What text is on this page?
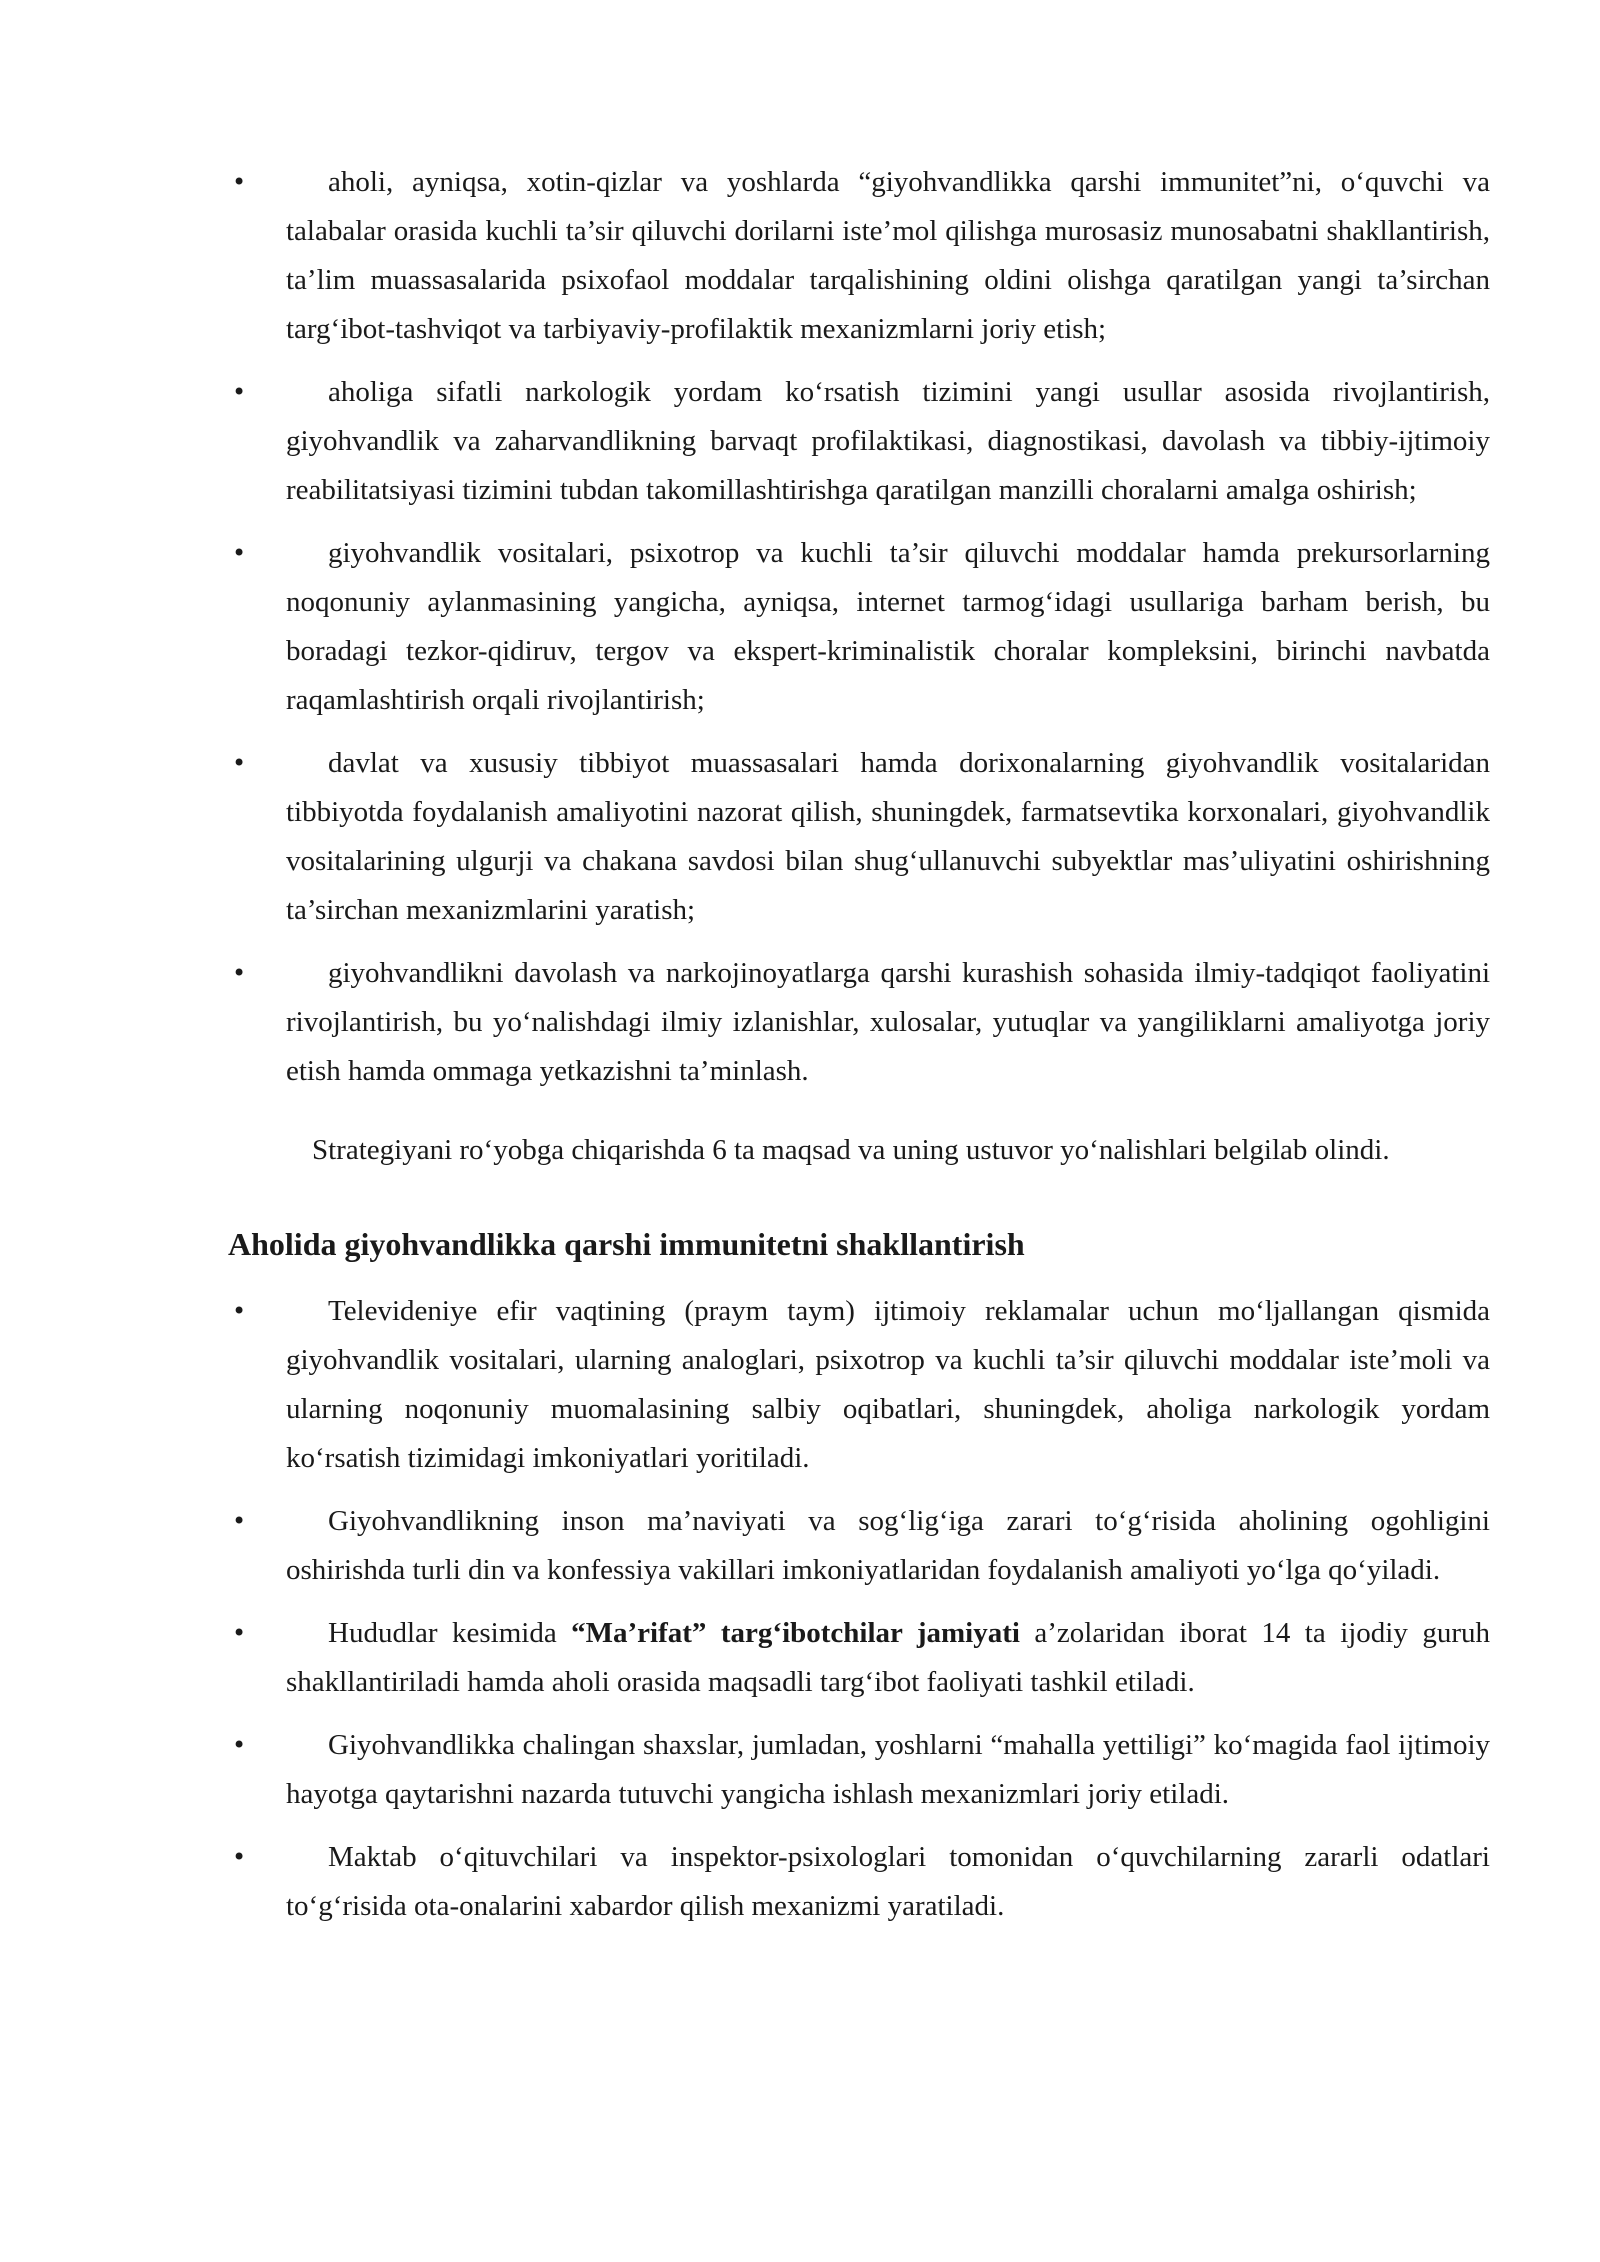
• aholi, ayniqsa, xotin-qizlar va yoshlarda “giyohvandlikka qarshi immunitet”ni, o‘quvchi va talabalar orasida kuchli ta’sir qiluvchi dorilarni iste’mol qilishga murosasiz munosabatni shakllantirish, ta’lim muassasalarida psixofaol moddalar tarqalishining oldini olishga qaratilgan yangi ta’sirchan targ‘ibot-tashviqot va tarbiyaviy-profilaktik mexanizmlarni joriy etish;
• aholiga sifatli narkologik yordam ko‘rsatish tizimini yangi usullar asosida rivojlantirish, giyohvandlik va zaharvandlikning barvaqt profilaktikasi, diagnostikasi, davolash va tibbiy-ijtimoiy reabilitatsiyasi tizimini tubdan takomillashtirishga qaratilgan manzilli choralarni amalga oshirish;
• giyohvandlik vositalari, psixotrop va kuchli ta’sir qiluvchi moddalar hamda prekursorlarning noqonuniy aylanmasining yangicha, ayniqsa, internet tarmog‘idagi usullariga barham berish, bu boradagi tezkor-qidiruv, tergov va ekspert-kriminalistik choralar kompleksini, birinchi navbatda raqamlashtirish orqali rivojlantirish;
• davlat va xususiy tibbiyot muassasalari hamda dorixonalarning giyohvandlik vositalaridan tibbiyotda foydalanish amaliyotini nazorat qilish, shuningdek, farmatsevtika korxonalari, giyohvandlik vositalarining ulgurji va chakana savdosi bilan shug‘ullanuvchi subyektlar mas’uliyatini oshirishning ta’sirchan mexanizmlarini yaratish;
• giyohvandlikni davolash va narkojinoyatlarga qarshi kurashish sohasida ilmiy-tadqiqot faoliyatini rivojlantirish, bu yo‘nalishdagi ilmiy izlanishlar, xulosalar, yutuqlar va yangiliklarni amaliyotga joriy etish hamda ommaga yetkazishni ta’minlash.

Strategiyani ro‘yobga chiqarishda 6 ta maqsad va uning ustuvor yo‘nalishlari belgilab olindi.

Aholida giyohvandlikka qarshi immunitetni shakllantirish
• Televideniye efir vaqtining (praym taym) ijtimoiy reklamalar uchun mo‘ljallangan qismida giyohvandlik vositalari, ularning analoglari, psixotrop va kuchli ta’sir qiluvchi moddalar iste’moli va ularning noqonuniy muomalasining salbiy oqibatlari, shuningdek, aholiga narkologik yordam ko‘rsatish tizimidagi imkoniyatlari yoritiladi.
• Giyohvandlikning inson ma’naviyati va sog‘lig‘iga zarari to‘g‘risida aholining ogohligini oshirishda turli din va konfessiya vakillari imkoniyatlaridan foydalanish amaliyoti yo‘lga qo‘yiladi.
• Hududlar kesimida “Ma’rifat” targ‘ibotchilar jamiyati a’zolaridan iborat 14 ta ijodiy guruh shakllantiriladi hamda aholi orasida maqsadli targ‘ibot faoliyati tashkil etiladi.
• Giyohvandlikka chalingan shaxslar, jumladan, yoshlarni “mahalla yettiligi” ko‘magida faol ijtimoiy hayotga qaytarishni nazarda tutuvchi yangicha ishlash mexanizmlari joriy etiladi.
• Maktab o‘qituvchilari va inspektor-psixologlari tomonidan o‘quvchilarning zararli odatlari to‘g‘risida ota-onalarini xabardor qilish mexanizmi yaratiladi.
